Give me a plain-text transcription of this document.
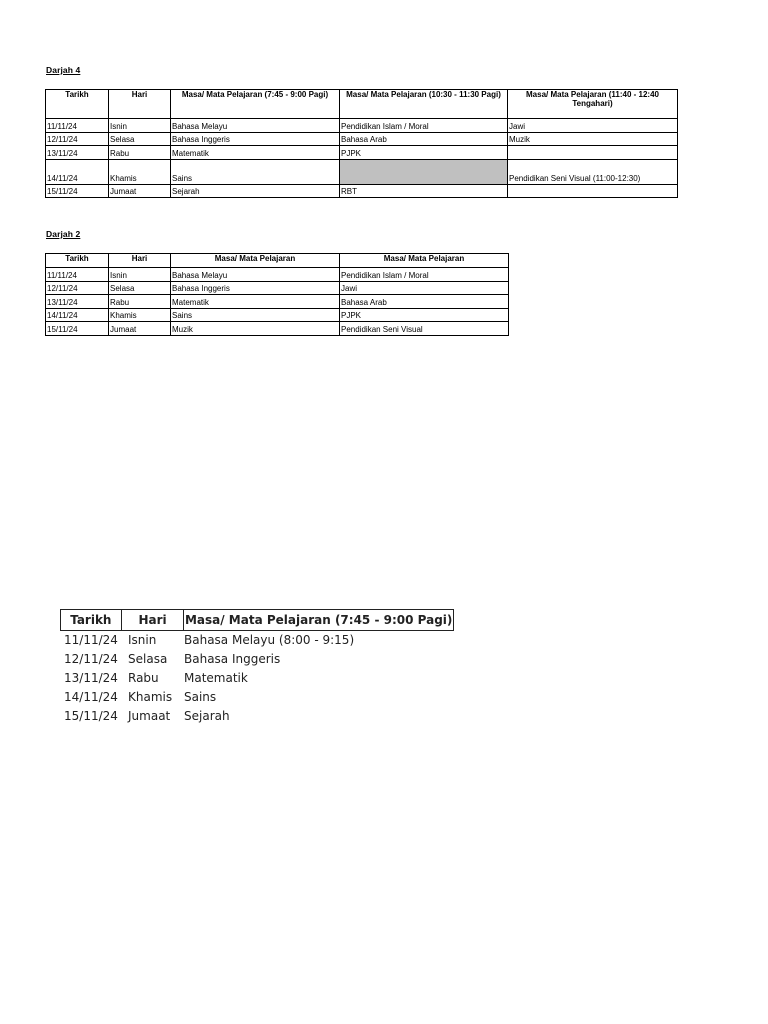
Darjah 4
Tarikh	Hari	Masa/ Mata Pelajaran (7:45 - 9:00 Pagi)	Masa/ Mata Pelajaran (10:30 - 11:30 Pagi)	Masa/ Mata Pelajaran (11:40 - 12:40 Tengahari)
11/11/24	Isnin	Bahasa Melayu	Pendidikan Islam / Moral	Jawi
12/11/24	Selasa	Bahasa Inggeris	Bahasa Arab	Muzik
13/11/24	Rabu	Matematik	PJPK	
14/11/24	Khamis	Sains		Pendidikan Seni Visual (11:00-12:30)
15/11/24	Jumaat	Sejarah	RBT	
Darjah 2
Tarikh	Hari	Masa/ Mata Pelajaran	Masa/ Mata Pelajaran
11/11/24	Isnin	Bahasa Melayu	Pendidikan Islam / Moral
12/11/24	Selasa	Bahasa Inggeris	Jawi
13/11/24	Rabu	Matematik	Bahasa Arab
14/11/24	Khamis	Sains	PJPK
15/11/24	Jumaat	Muzik	Pendidikan Seni Visual
Tarikh	Hari	Masa/ Mata Pelajaran (7:45 - 9:00 Pagi)
11/11/24 Isnin	Bahasa Melayu (8:00 - 9:15)
12/11/24 Selasa	Bahasa Inggeris
13/11/24 Rabu	Matematik
14/11/24 Khamis Sains
15/11/24 Jumaat	Sejarah
